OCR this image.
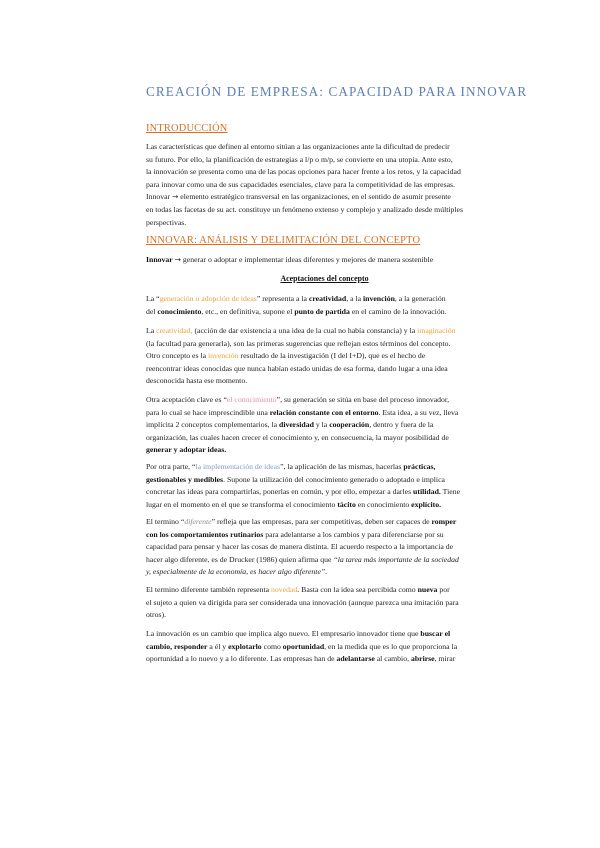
CREACIÓN DE EMPRESA: CAPACIDAD PARA INNOVAR
INTRODUCCIÓN
Las características que definen al entorno sitúan a las organizaciones ante la dificultad de predecir
su futuro. Por ello, la planificación de estrategias a l/p o m/p, se convierte en una utopía. Ante esto,
la innovación se presenta como una de las pocas opciones para hacer frente a los retos, y la capacidad
para innovar como una de sus capacidades esenciales, clave para la competitividad de las empresas.
Innovar → elemento estratégico transversal en las organizaciones, en el sentido de asumir presente
en todas las facetas de su act. constituye un fenómeno extenso y complejo y analizado desde múltiples
perspectivas.
INNOVAR: ANÁLISIS Y DELIMITACIÓN DEL CONCEPTO
Innovar → generar o adoptar e implementar ideas diferentes y mejores de manera sostenible
Aceptaciones del concepto
La “generación o adopción de ideas” representa a la creatividad, a la invención, a la generación
del conocimiento, etc., en definitiva, supone el punto de partida en el camino de la innovación.
La creatividad, (acción de dar existencia a una idea de la cual no había constancia) y la imaginación
(la facultad para generarla), son las primeras sugerencias que reflejan estos términos del concepto.
Otro concepto es la invención resultado de la investigación (I del I+D), que es el hecho de
reencontrar ideas conocidas que nunca habían estado unidas de esa forma, dando lugar a una idea
desconocida hasta ese momento.
Otra aceptación clave es “el conocimiento”, su generación se sitúa en base del proceso innovador,
para lo cual se hace imprescindible una relación constante con el entorno. Esta idea, a su vez, lleva
implícita 2 conceptos complementarios, la diversidad y la cooperación, dentro y fuera de la
organización, las cuales hacen crecer el conocimiento y, en consecuencia, la mayor posibilidad de
generar y adoptar ideas.
Por otra parte, “la implementación de ideas”, la aplicación de las mismas, hacerlas prácticas,
gestionables y medibles. Supone la utilización del conocimiento generado o adoptado e implica
concretar las ideas para compartirlas, ponerlas en común, y por ello, empezar a darles utilidad. Tiene
lugar en el momento en el que se transforma el conocimiento tácito en conocimiento explícito.
El termino “diferente” refleja que las empresas, para ser competitivas, deben ser capaces de romper
con los comportamientos rutinarios para adelantarse a los cambios y para diferenciarse por su
capacidad para pensar y hacer las cosas de manera distinta. El acuerdo respecto a la importancia de
hacer algo diferente, es de Drucker (1986) quien afirma que “la tarea más importante de la sociedad
y, especialmente de la economía, es hacer algo diferente”.
El termino diferente también representa novedad. Basta con la idea sea percibida como nueva por
el sujeto a quien va dirigida para ser considerada una innovación (aunque parezca una imitación para
otros).
La innovación es un cambio que implica algo nuevo. El empresario innovador tiene que buscar el
cambio, responder a él y explotarlo como oportunidad, en la medida que es lo que proporciona la
oportunidad a lo nuevo y a lo diferente. Las empresas han de adelantarse al cambio, abrirse, mirar
